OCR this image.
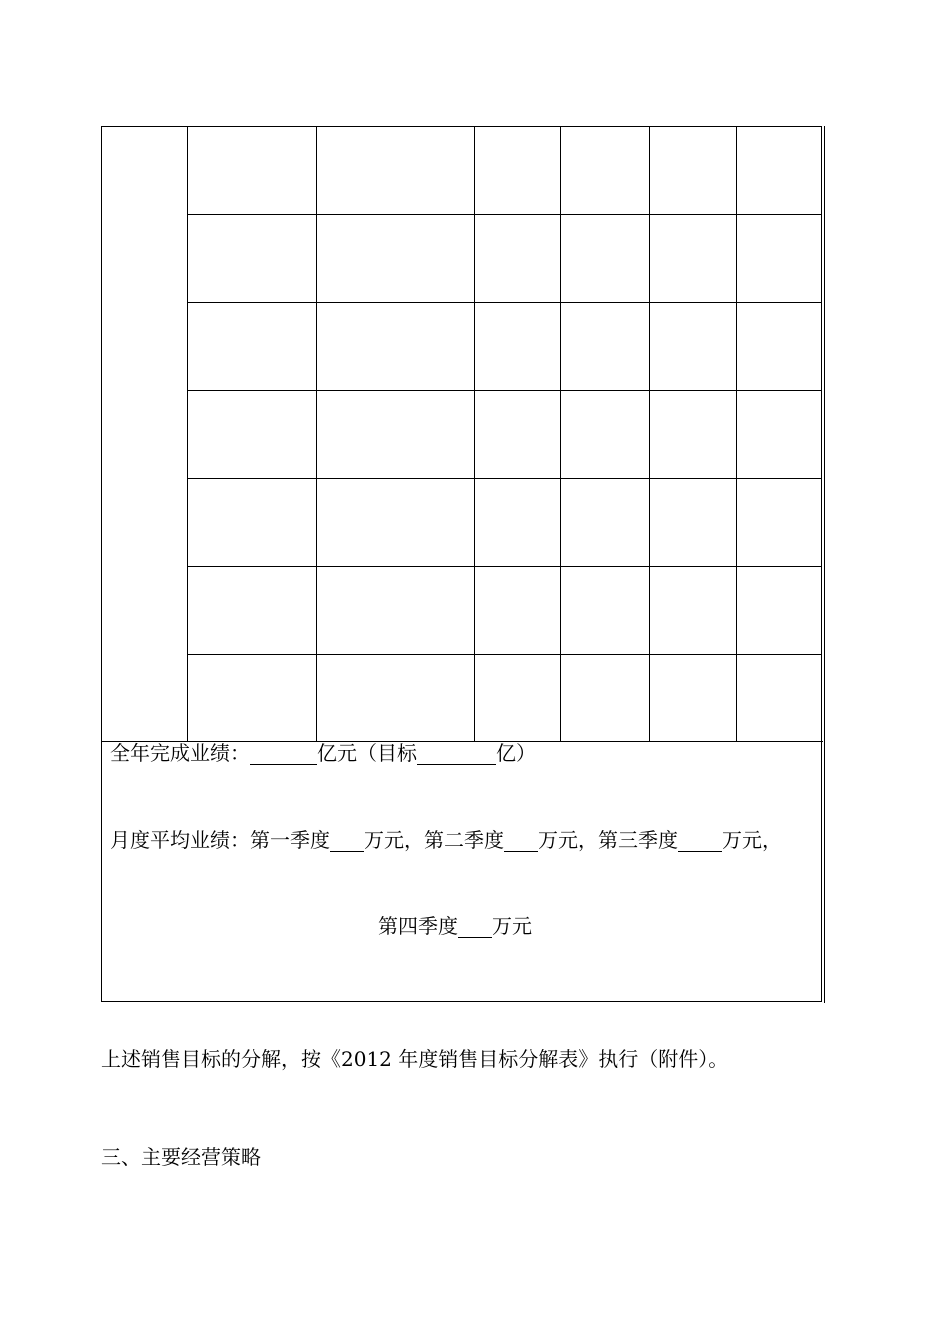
全年完成业绩：	亿元（目标	亿）
月度平均业绩：第一季度 万元，第二季度 万元，第三季度 万元，
第四季度 万元
上述销售目标的分解，按《2012 年度销售目标分解表》执行（附件）。
三、主要经营策略
